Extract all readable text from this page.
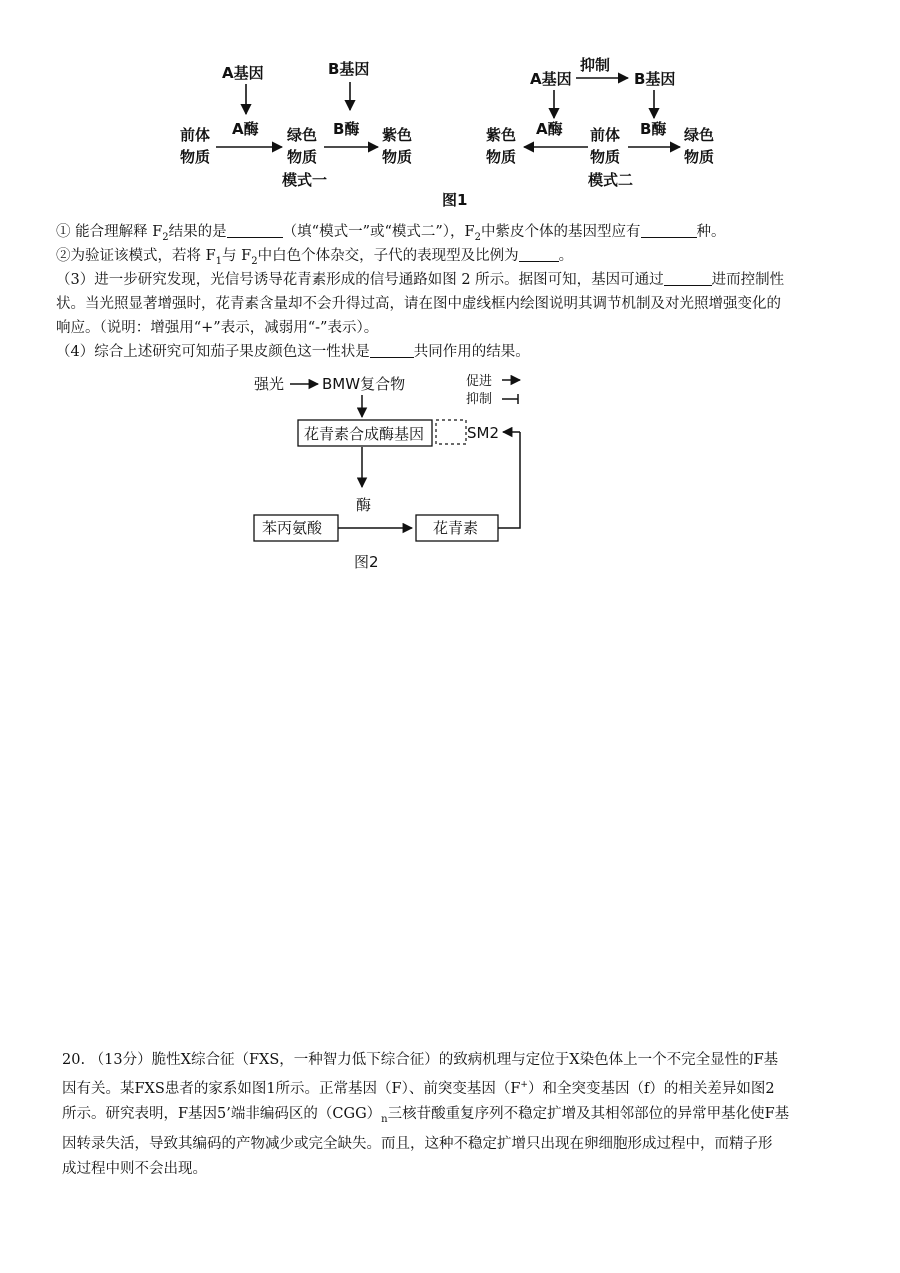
A基因
A酶
B基因
B酶
前体
物质
绿色
物质
紫色
物质
模式一
A基因
抑制
B基因
A酶	B酶
紫色
物质
前体
物质
绿色
物质
模式二
图1
① 能合理解释 $F_2$结果的是	（填“模式一”或“模式二”），$F_2$中紫皮个体的基因型应有	种。
②为验证该模式，若将 $F_1$与 $F_2$中白色个体杂交，子代的表现型及比例为	。
（3）进一步研究发现，光信号诱导花青素形成的信号通路如图 2 所示。据图可知，基因可通过	进而控制性
状。当光照显著增强时，花青素含量却不会升得过高，请在图中虚线框内绘图说明其调节机制及对光照增强变化的
响应。（说明：增强用“+”表示，减弱用“-”表示）。
（4）综合上述研究可知茄子果皮颜色这一性状是	共同作用的结果。
强光	BMW复合物	促进
抑制
花青素合成酶基因	SM2
酶
苯丙氨酸	花青素
图2
20. （13分）脆性X综合征（FXS，一种智力低下综合征）的致病机理与定位于X染色体上一个不完全显性的F基
因有关。某FXS患者的家系如图1所示。正常基因（F）、前突变基因（F+）和全突变基因（f）的相关差异如图2
所示。研究表明，F基因5’端非编码区的$(CGG)_n$三核苷酸重复序列不稳定扩增及其相邻部位的异常甲基化使F基
因转录失活，导致其编码的产物减少或完全缺失。而且，这种不稳定扩增只出现在卵细胞形成过程中，而精子形
成过程中则不会出现。
